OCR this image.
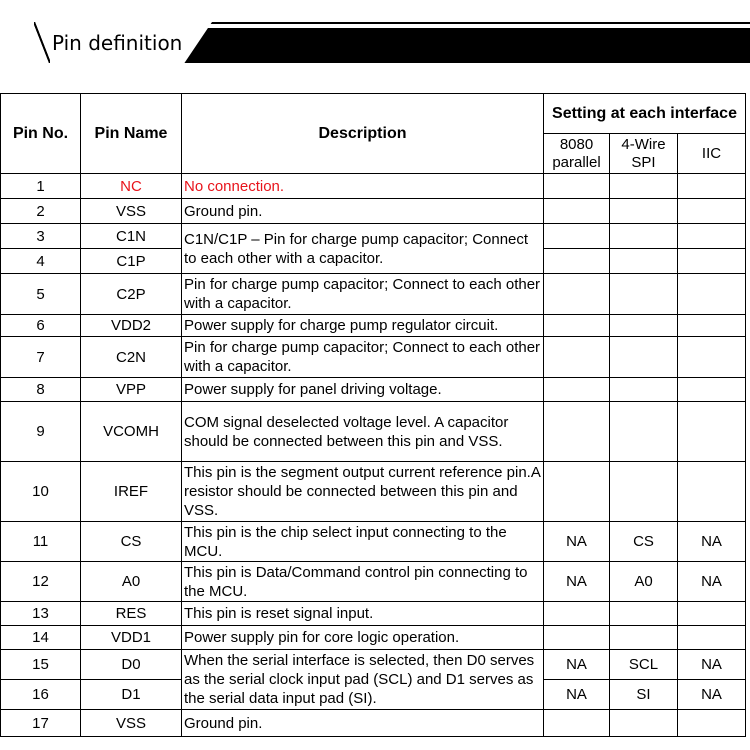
Pin definition
Pin No.	Pin Name	Description	Setting at each interface		
			8080 parallel	4-Wire SPI	IIC
1	NC	No connection.			
2	VSS	Ground pin.			
3	C1N	C1N/C1P – Pin for charge pump capacitor; Connect to each other with a capacitor.			
4	C1P				
5	C2P	Pin for charge pump capacitor; Connect to each other with a capacitor.			
6	VDD2	Power supply for charge pump regulator circuit.			
7	C2N	Pin for charge pump capacitor; Connect to each other with a capacitor.			
8	VPP	Power supply for panel driving voltage.			
9	VCOMH	COM signal deselected voltage level. A capacitor should be connected between this pin and VSS.			
10	IREF	This pin is the segment output current reference pin.A resistor should be connected between this pin and VSS.			
11	CS	This pin is the chip select input connecting to the MCU.	NA	CS	NA
12	A0	This pin is Data/Command control pin connecting to the MCU.	NA	A0	NA
13	RES	This pin is reset signal input.			
14	VDD1	Power supply pin for core logic operation.			
15	D0	When the serial interface is selected, then D0 serves as the serial clock input pad (SCL) and D1 serves as the serial data input pad (SI).	NA	SCL	NA
16	D1		NA	SI	NA
17	VSS	Ground pin.			
